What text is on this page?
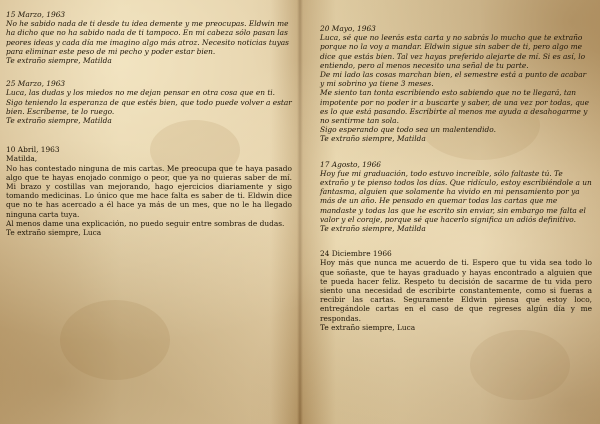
15 Marzo, 1963
No he sabido nada de ti desde tu idea demente y me preocupas. Eldwin me ha dicho que no ha sabido nada de ti tampoco. En mi cabeza sólo pasan las peores ideas y cada día me imagino algo más atroz. Necesito noticias tuyas para eliminar este peso de mi pecho y poder estar bien.
Te extraño siempre, Matilda
25 Marzo, 1963
Luca, las dudas y los miedos no me dejan pensar en otra cosa que en ti. Sigo teniendo la esperanza de que estés bien, que todo puede volver a estar bien. Escríbeme, te lo ruego.
Te extraño siempre, Matilda
10 Abril, 1963
Matilda,
No has contestado ninguna de mis cartas. Me preocupa que te haya pasado algo que te hayas enojado conmigo o peor, que ya no quieras saber de mí. Mi brazo y costillas van mejorando, hago ejercicios diariamente y sigo tomando medicinas. Lo único que me hace falta es saber de ti. Eldwin dice que no te has acercado a él hace ya más de un mes, que no le ha llegado ninguna carta tuya.
Al menos dame una explicación, no puedo seguir entre sombras de dudas.
Te extraño siempre, Luca
20 Mayo, 1963
Luca, sé que no leerás esta carta y no sabrás lo mucho que te extraño porque no la voy a mandar. Eldwin sigue sin saber de ti, pero algo me dice que estás bien. Tal vez hayas preferido alejarte de mí. Si es así, lo entiendo, pero al menos necesito una señal de tu parte.
De mi lado las cosas marchan bien, el semestre está a punto de acabar y mi sobrino ya tiene 3 meses.
Me siento tan tonta escribiendo esto sabiendo que no te llegará, tan impotente por no poder ir a buscarte y saber, de una vez por todas, que es lo que está pasando. Escribirte al menos me ayuda a desahogarme y no sentirme tan sola.
Sigo esperando que todo sea un malentendido.
Te extraño siempre, Matilda
17 Agosto, 1966
Hoy fue mi graduación, todo estuvo increíble, sólo faltaste tú. Te extraño y te pienso todos los días. Que ridículo, estoy escribiéndole a un fantasma, alguien que solamente ha vivido en mi pensamiento por ya más de un año. He pensado en quemar todas las cartas que me mandaste y todas las que he escrito sin enviar, sin embargo me falta el valor y el coraje, porque sé que hacerlo significa un adiós definitivo.
Te extraño siempre, Matilda
24 Diciembre 1966
Hoy más que nunca me acuerdo de ti. Espero que tu vida sea todo lo que soñaste, que te hayas graduado y hayas encontrado a alguien que te pueda hacer feliz. Respeto tu decisión de sacarme de tu vida pero siento una necesidad de escribirte constantemente, como si fueras a recibir las cartas. Seguramente Eldwin piensa que estoy loco, entregándole cartas en el caso de que regreses algún día y me respondas.
Te extraño siempre, Luca
